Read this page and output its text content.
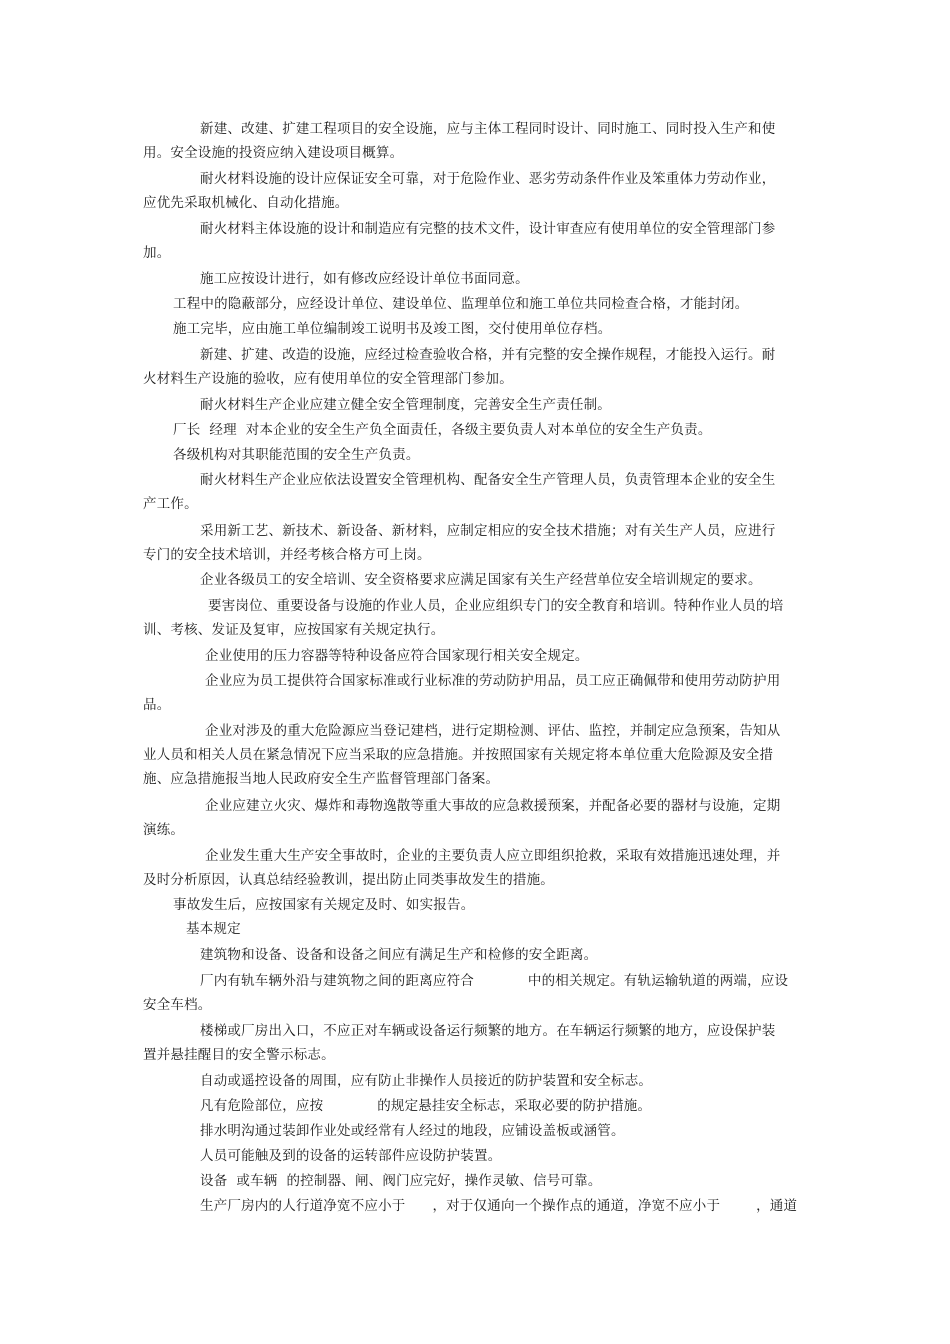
新建、改建、扩建工程项目的安全设施，应与主体工程同时设计、同时施工、同时投入生产和使
用。安全设施的投资应纳入建设项目概算。
耐火材料设施的设计应保证安全可靠，对于危险作业、恶劣劳动条件作业及笨重体力劳动作业，
应优先采取机械化、自动化措施。
耐火材料主体设施的设计和制造应有完整的技术文件，设计审查应有使用单位的安全管理部门参
加。
施工应按设计进行，如有修改应经设计单位书面同意。
工程中的隐蔽部分，应经设计单位、建设单位、监理单位和施工单位共同检查合格，才能封闭。
施工完毕，应由施工单位编制竣工说明书及竣工图，交付使用单位存档。
新建、扩建、改造的设施，应经过检查验收合格，并有完整的安全操作规程，才能投入运行。耐
火材料生产设施的验收，应有使用单位的安全管理部门参加。
耐火材料生产企业应建立健全安全管理制度，完善安全生产责任制。
厂长  经理  对本企业的安全生产负全面责任，各级主要负责人对本单位的安全生产负责。
各级机构对其职能范围的安全生产负责。
耐火材料生产企业应依法设置安全管理机构、配备安全生产管理人员，负责管理本企业的安全生
产工作。
采用新工艺、新技术、新设备、新材料，应制定相应的安全技术措施；对有关生产人员，应进行
专门的安全技术培训，并经考核合格方可上岗。
企业各级员工的安全培训、安全资格要求应满足国家有关生产经营单位安全培训规定的要求。
要害岗位、重要设备与设施的作业人员，企业应组织专门的安全教育和培训。特种作业人员的培
训、考核、发证及复审，应按国家有关规定执行。
企业使用的压力容器等特种设备应符合国家现行相关安全规定。
企业应为员工提供符合国家标准或行业标准的劳动防护用品，员工应正确佩带和使用劳动防护用
品。
企业对涉及的重大危险源应当登记建档，进行定期检测、评估、监控，并制定应急预案，告知从
业人员和相关人员在紧急情况下应当采取的应急措施。并按照国家有关规定将本单位重大危险源及安全措
施、应急措施报当地人民政府安全生产监督管理部门备案。
企业应建立火灾、爆炸和毒物逸散等重大事故的应急救援预案，并配备必要的器材与设施，定期
演练。
企业发生重大生产安全事故时，企业的主要负责人应立即组织抢救，采取有效措施迅速处理，并
及时分析原因，认真总结经验教训，提出防止同类事故发生的措施。
事故发生后，应按国家有关规定及时、如实报告。
基本规定
建筑物和设备、设备和设备之间应有满足生产和检修的安全距离。
厂内有轨车辆外沿与建筑物之间的距离应符合            中的相关规定。有轨运输轨道的两端，应设
安全车档。
楼梯或厂房出入口，不应正对车辆或设备运行频繁的地方。在车辆运行频繁的地方，应设保护装
置并悬挂醒目的安全警示标志。
自动或遥控设备的周围，应有防止非操作人员接近的防护装置和安全标志。
凡有危险部位，应按            的规定悬挂安全标志，采取必要的防护措施。
排水明沟通过装卸作业处或经常有人经过的地段，应铺设盖板或涵管。
人员可能触及到的设备的运转部件应设防护装置。
设备  或车辆  的控制器、闸、阀门应完好，操作灵敏、信号可靠。
生产厂房内的人行道净宽不应小于      ，对于仅通向一个操作点的通道，净宽不应小于        ，通道
